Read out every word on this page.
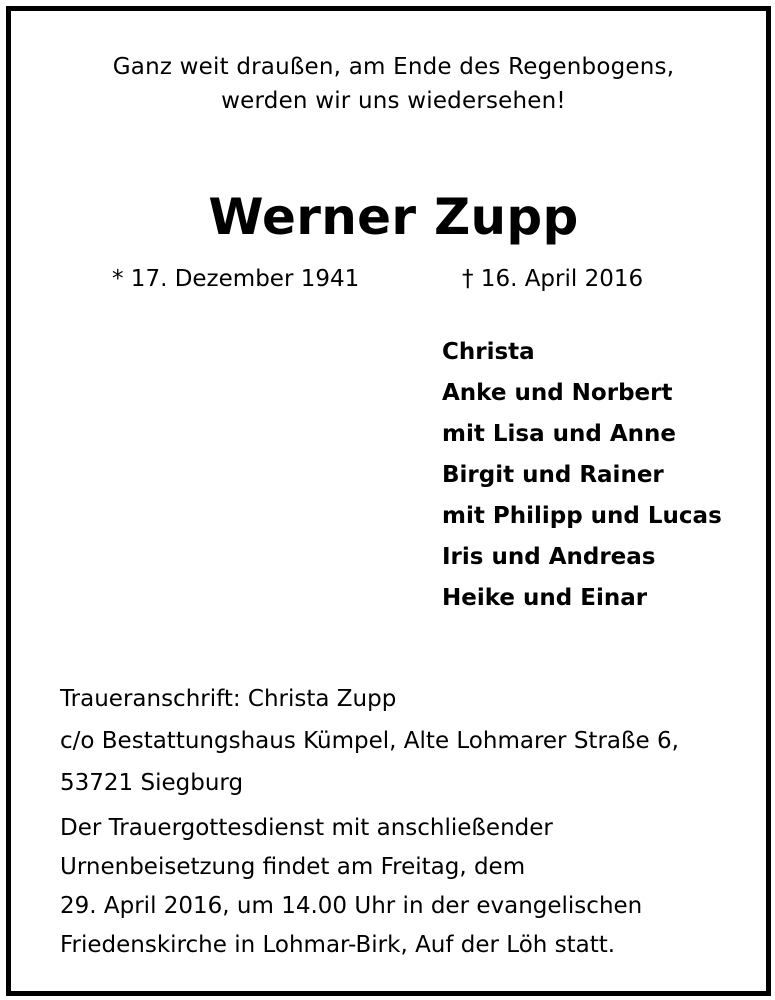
Ganz weit draußen, am Ende des Regenbogens,
werden wir uns wiedersehen!
Werner Zupp
* 17. Dezember 1941	† 16. April 2016
Christa
Anke und Norbert
mit Lisa und Anne
Birgit und Rainer
mit Philipp und Lucas
Iris und Andreas
Heike und Einar
Traueranschrift: Christa Zupp
c/o Bestattungshaus Kümpel, Alte Lohmarer Straße 6,
53721 Siegburg
Der Trauergottesdienst mit anschließender
Urnenbeisetzung findet am Freitag, dem
29. April 2016, um 14.00 Uhr in der evangelischen
Friedenskirche in Lohmar-Birk, Auf der Löh statt.
